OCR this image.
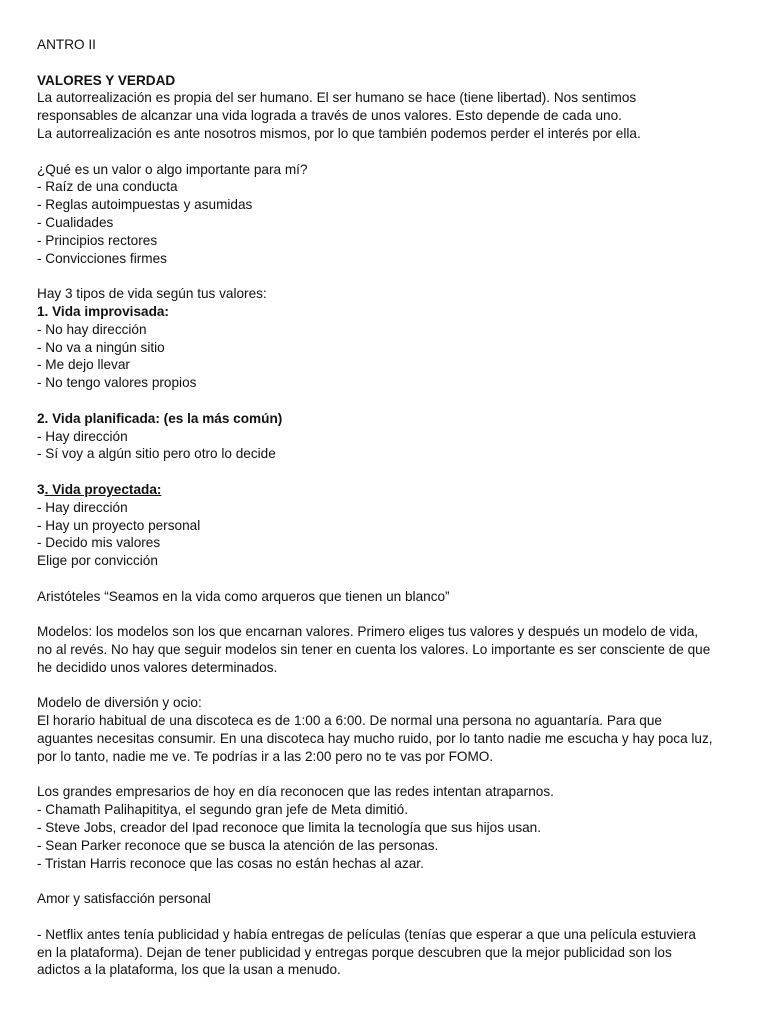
ANTRO II
VALORES Y VERDAD
La autorrealización es propia del ser humano. El ser humano se hace (tiene libertad). Nos sentimos
responsables de alcanzar una vida lograda a través de unos valores. Esto depende de cada uno.
La autorrealización es ante nosotros mismos, por lo que también podemos perder el interés por ella.
¿Qué es un valor o algo importante para mí?
- Raíz de una conducta
- Reglas autoimpuestas y asumidas
- Cualidades
- Principios rectores
- Convicciones firmes
Hay 3 tipos de vida según tus valores:
1. Vida improvisada:
- No hay dirección
- No va a ningún sitio
- Me dejo llevar
- No tengo valores propios
2. Vida planificada: (es la más común)
- Hay dirección
- Sí voy a algún sitio pero otro lo decide
3. Vida proyectada:
- Hay dirección
- Hay un proyecto personal
- Decido mis valores
Elige por convicción
Aristóteles “Seamos en la vida como arqueros que tienen un blanco”
Modelos: los modelos son los que encarnan valores. Primero eliges tus valores y después un modelo de vida,
no al revés. No hay que seguir modelos sin tener en cuenta los valores. Lo importante es ser consciente de que
he decidido unos valores determinados.
Modelo de diversión y ocio:
El horario habitual de una discoteca es de 1:00 a 6:00. De normal una persona no aguantaría. Para que
aguantes necesitas consumir. En una discoteca hay mucho ruido, por lo tanto nadie me escucha y hay poca luz,
por lo tanto, nadie me ve. Te podrías ir a las 2:00 pero no te vas por FOMO.
Los grandes empresarios de hoy en día reconocen que las redes intentan atraparnos.
- Chamath Palihapititya, el segundo gran jefe de Meta dimitió.
- Steve Jobs, creador del Ipad reconoce que limita la tecnología que sus hijos usan.
- Sean Parker reconoce que se busca la atención de las personas.
- Tristan Harris reconoce que las cosas no están hechas al azar.
Amor y satisfacción personal
- Netflix antes tenía publicidad y había entregas de películas (tenías que esperar a que una película estuviera
en la plataforma). Dejan de tener publicidad y entregas porque descubren que la mejor publicidad son los
adictos a la plataforma, los que la usan a menudo.
